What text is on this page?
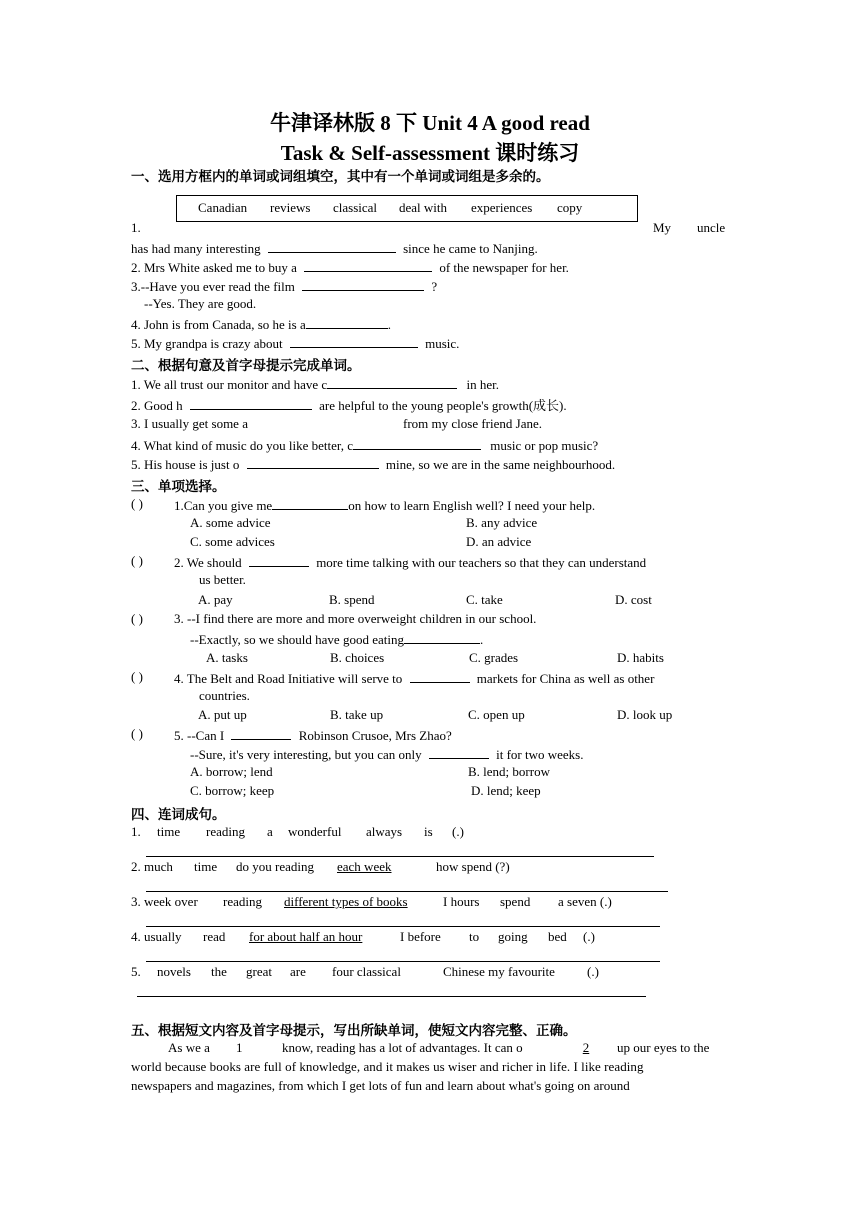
牛津译林版 8 下 Unit 4 A good read
Task & Self-assessment 课时练习
一、选用方框内的单词或词组填空，其中有一个单词或词组是多余的。
Canadian reviews classical deal with experiences copy
1.	My uncle
has had many interesting	since he came to Nanjing.
2. Mrs White asked me to buy a	of the newspaper for her.
3.--Have you ever read the film	?
--Yes. They are good.
4. John is from Canada, so he is a	.
5. My grandpa is crazy about	music.
二、根据句意及首字母提示完成单词。
1. We all trust our monitor and have c	in her.
2. Good h	are helpful to the young people's growth(成长).
3. I usually get some a	from my close friend Jane.
4. What kind of music do you like better, c	music or pop music?
5. His house is just o	mine, so we are in the same neighbourhood.
三、单项选择。
( ) 1.Can you give me	on how to learn English well? I need your help.
A. some advice	B. any advice
C. some advices	D. an advice
( ) 2. We should	more time talking with our teachers so that they can understand
us better.
A. pay	B. spend	C. take	D. cost
( ) 3. --I find there are more and more overweight children in our school.
--Exactly, so we should have good eating	.
A. tasks	B. choices	C. grades	D. habits
( ) 4. The Belt and Road Initiative will serve to	markets for China as well as other
countries.
A. put up	B. take up	C. open up	D. look up
( ) 5. --Can I	Robinson Crusoe, Mrs Zhao?
--Sure, it's very interesting, but you can only	it for two weeks.
A. borrow; lend	B. lend; borrow
C. borrow; keep	D. lend; keep
四、连词成句。
1. time reading a wonderful always is (.)
2. much time do you reading each week	how spend (?)
3. week over reading different types of books	I hours spend a seven (.)
4. usually read for about half an hour	I before to going bed (.)
5. novels the great are four classical	Chinese my favourite (.)
五、根据短文内容及首字母提示，写出所缺单词，使短文内容完整、正确。
As we a 1	know, reading has a lot of advantages. It can o	2	up our eyes to the
world because books are full of knowledge, and it makes us wiser and richer in life. I like reading
newspapers and magazines, from which I get lots of fun and learn about what's going on around
